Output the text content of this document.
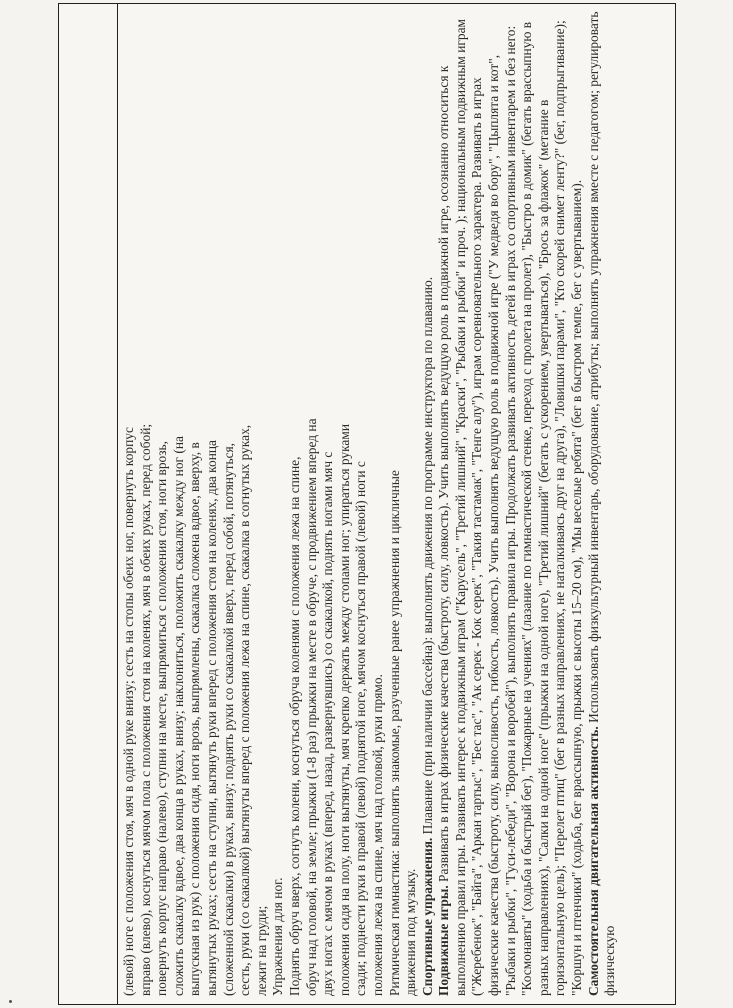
(левой) ноге с положения стоя, мяч в одной руке внизу; сесть на стопы обеих ног, повернуть корпус вправо (влево), коснуться мячом пола с положения стоя на коленях, мяч в обеих руках, перед собой; повернуть корпус направо (налево), ступни на месте, выпрямиться с положения стоя, ноги врозь, сложить скакалку вдвое, два конца в руках, внизу; наклониться, положить скакалку между ног (на выпускная из рук) с положения сидя, ноги врозь, выпрямлены, скакалка сложена вдвое, вверху, в вытянутых руках; сесть на ступни, вытянуть руки вперед с положения стоя на коленях, два конца (сложенной скакалки) в руках, внизу; поднять руки со скакалкой вверх, перед собой, потянуться, сесть, руки (со скакалкой) вытянуты вперед с положения лежа на спине, скакалка в согнутых руках, лежит на груди; Упражнения для ног. Поднять обруч вверх, согнуть колени, коснуться обруча коленями с положения лежа на спине, обруч над головой, на земле; прыжки (1-8 раз) прыжки на месте в обруче, с продвижением вперед на двух ногах с мячом в руках (вперед, назад, развернувшись) со скакалкой, поднять ногами мяч с положения сидя на полу, ноги вытянуты, мяч крепко держать между стопами ног; упираться руками сзади; поднести руки в правой (левой) поднятой ноге, мячом коснуться правой (левой) ноги с положения лежа на спине, мяч над головой, руки прямо. Ритмическая гимнастика: выполнять знакомые, разученные ранее упражнения и цикличные движения под музыку. Спортивные упражнения. Плавание (при наличии бассейна): выполнять движения по программе инструктора по плаванию.

Подвижные игры. Развивать в играх физические качества (быстроту, силу, ловкость). Учить выполнять ведущую роль в подвижной игре, осознанно относиться к выполнению правил игры. Развивать интерес к подвижным играм ("Карусель", "Третий лишний", "Краски", "Рыбаки и рыбки" и проч. ); национальным подвижным играм ("Жеребенок", "Байга", "Аркан тартыс", "Бес тас", "Ак серек - Кок серек", "Такия тастамак", "Тенге алу"), играм соревновательного характера. Развивать в играх физические качества (быстроту, силу, выносливость, гибкость, ловкость). Учить выполнять ведущую роль в подвижной игре ("У медведя во бору", "Цыплята и кот", "Рыбаки и рыбки", "Гуси-лебеди", "Ворона и воробей"), выполнять правила игры. Продолжать развивать активность детей в играх со спортивным инвентарем и без него: "Космонавты" (ходьба и быстрый бег), "Пожарные на учениях" (лазание по гимнастической стенке, переход с пролета на пролет), "Быстро в домик" (бегать врассыпную в разных направлениях), "Салки на одной ноге" (прыжки на одной ноге), "Третий лишний" (бегать с ускорением, увертываться), "Брось за флажок" (метание в горизонтальную цель); "Перелет птиц" (бег в разных направлениях, не наталкиваясь друг на друга), "Ловишки парами", "Кто скорей снимет ленту?" (бег, подпрыгивание); "Коршун и птенчики" (ходьба, бег врассыпную, прыжки с высоты 15–20 см), "Мы веселые ребята" (бег в быстром темпе, бег с увертыванием). Самостоятельная двигательная активность. Использовать физкультурный инвентарь, оборудование, атрибуты; выполнять упражнения вместе с педагогом; регулировать физическую
